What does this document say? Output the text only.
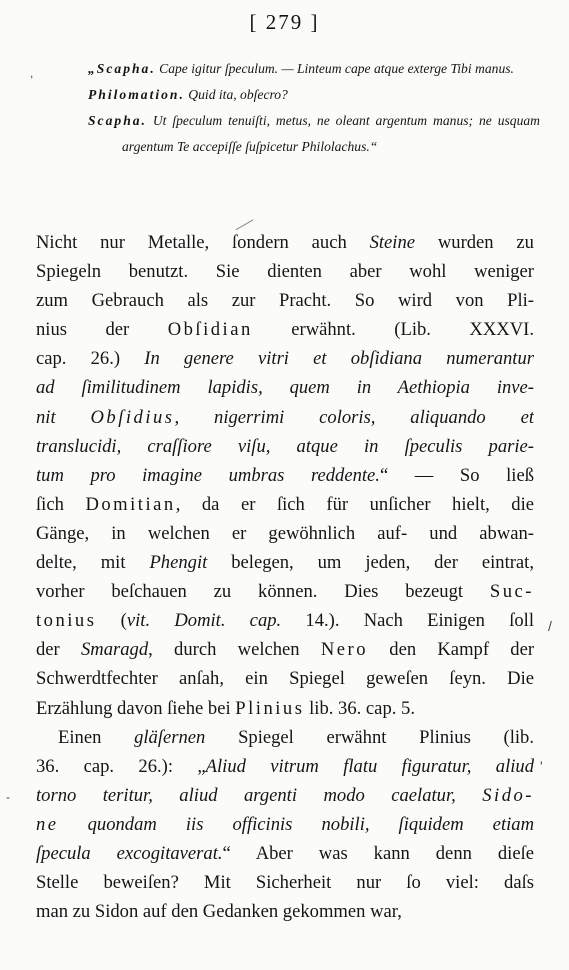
[ 279 ]

„Scapha. Cape igitur ſpeculum. — Linteum cape atque exterge Tibi manus.

Philomation. Quid ita, obſecro?

Scapha. Ut ſpeculum tenuiſti, metus, ne oleant argentum manus; ne usquam argentum Te accepiſſe ſuſpicetur Philolachus.“

Nicht nur Metalle, ſondern auch Steine wurden zu
Spiegeln benutzt. Sie dienten aber wohl weniger
zum Gebrauch als zur Pracht. So wird von Pli-
nius der Obſidian erwähnt. (Lib. XXXVI.
cap. 26.) In genere vitri et obſidiana numerantur
ad ſimilitudinem lapidis, quem in Aethiopia inve-
nit Obſidius, nigerrimi coloris, aliquando et
translucidi, craſſiore viſu, atque in ſpeculis parie-
tum pro imagine umbras reddente.“ — So ließ
ſich Domitian, da er ſich für unſicher hielt, die
Gänge, in welchen er gewöhnlich auf- und abwan-
delte, mit Phengit belegen, um jeden, der eintrat,
vorher beſchauen zu können. Dies bezeugt Suc-
tonius (vit. Domit. cap. 14.). Nach Einigen ſoll
der Smaragd, durch welchen Nero den Kampf der
Schwerdtfechter anſah, ein Spiegel geweſen ſeyn. Die
Erzählung davon ſiehe bei Plinius lib. 36. cap. 5.
Einen gläſernen Spiegel erwähnt Plinius (lib.
36. cap. 26.): „Aliud vitrum flatu figuratur, aliud
torno teritur, aliud argenti modo caelatur, Sido-
ne quondam iis officinis nobili, ſiquidem etiam
ſpecula excogitaverat.“ Aber was kann denn dieſe
Stelle beweiſen? Mit Sicherheit nur ſo viel: daſs
man zu Sidon auf den Gedanken gekommen war,
,
/
'
-
